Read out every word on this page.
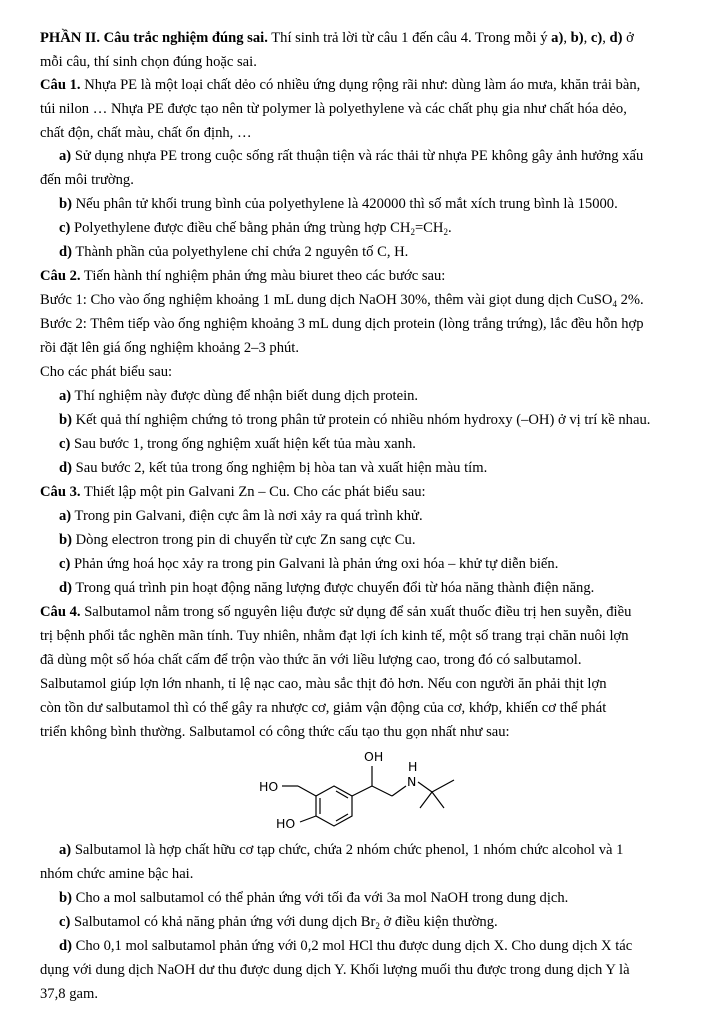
PHẦN II. Câu trắc nghiệm đúng sai. Thí sinh trả lời từ câu 1 đến câu 4. Trong mỗi ý a), b), c), d) ở
mỗi câu, thí sinh chọn đúng hoặc sai.

Câu 1. Nhựa PE là một loại chất dẻo có nhiều ứng dụng rộng rãi như: dùng làm áo mưa, khăn trải bàn,
túi nilon … Nhựa PE được tạo nên từ polymer là polyethylene và các chất phụ gia như chất hóa dẻo,
chất độn, chất màu, chất ổn định, …

a) Sử dụng nhựa PE trong cuộc sống rất thuận tiện và rác thải từ nhựa PE không gây ảnh hưởng xấu
đến môi trường.

b) Nếu phân tử khối trung bình của polyethylene là 420000 thì số mắt xích trung bình là 15000.

c) Polyethylene được điều chế bằng phản ứng trùng hợp $CH_2=CH_2$.

d) Thành phần của polyethylene chỉ chứa 2 nguyên tố C, H.

Câu 2. Tiến hành thí nghiệm phản ứng màu biuret theo các bước sau:
Bước 1: Cho vào ống nghiệm khoảng 1 mL dung dịch NaOH 30%, thêm vài giọt dung dịch CuSO$_4$ 2%.
Bước 2: Thêm tiếp vào ống nghiệm khoảng 3 mL dung dịch protein (lòng trắng trứng), lắc đều hỗn hợp
rồi đặt lên giá ống nghiệm khoảng 2–3 phút.
Cho các phát biểu sau:

a) Thí nghiệm này được dùng để nhận biết dung dịch protein.

b) Kết quả thí nghiệm chứng tỏ trong phân tử protein có nhiều nhóm hydroxy (–OH) ở vị trí kề nhau.

c) Sau bước 1, trong ống nghiệm xuất hiện kết tủa màu xanh.

d) Sau bước 2, kết tủa trong ống nghiệm bị hòa tan và xuất hiện màu tím.

Câu 3. Thiết lập một pin Galvani Zn – Cu. Cho các phát biểu sau:

a) Trong pin Galvani, điện cực âm là nơi xảy ra quá trình khử.

b) Dòng electron trong pin di chuyển từ cực Zn sang cực Cu.

c) Phản ứng hoá học xảy ra trong pin Galvani là phản ứng oxi hóa – khử tự diễn biến.

d) Trong quá trình pin hoạt động năng lượng được chuyển đổi từ hóa năng thành điện năng.

Câu 4. Salbutamol nằm trong số nguyên liệu được sử dụng để sản xuất thuốc điều trị hen suyễn, điều
trị bệnh phổi tắc nghẽn mãn tính. Tuy nhiên, nhằm đạt lợi ích kinh tế, một số trang trại chăn nuôi lợn
đã dùng một số hóa chất cấm để trộn vào thức ăn với liều lượng cao, trong đó có salbutamol.
Salbutamol giúp lợn lớn nhanh, tỉ lệ nạc cao, màu sắc thịt đỏ hơn. Nếu con người ăn phải thịt lợn
còn tồn dư salbutamol thì có thể gây ra nhược cơ, giảm vận động của cơ, khớp, khiến cơ thể phát
triển không bình thường. Salbutamol có công thức cấu tạo thu gọn nhất như sau:

OH
H
N
HO
HO

a) Salbutamol là hợp chất hữu cơ tạp chức, chứa 2 nhóm chức phenol, 1 nhóm chức alcohol và 1
nhóm chức amine bậc hai.

b) Cho a mol salbutamol có thể phản ứng với tối đa với 3a mol NaOH trong dung dịch.

c) Salbutamol có khả năng phản ứng với dung dịch $Br_2$ ở điều kiện thường.

d) Cho 0,1 mol salbutamol phản ứng với 0,2 mol HCl thu được dung dịch X. Cho dung dịch X tác
dụng với dung dịch NaOH dư thu được dung dịch Y. Khối lượng muối thu được trong dung dịch Y là
37,8 gam.
